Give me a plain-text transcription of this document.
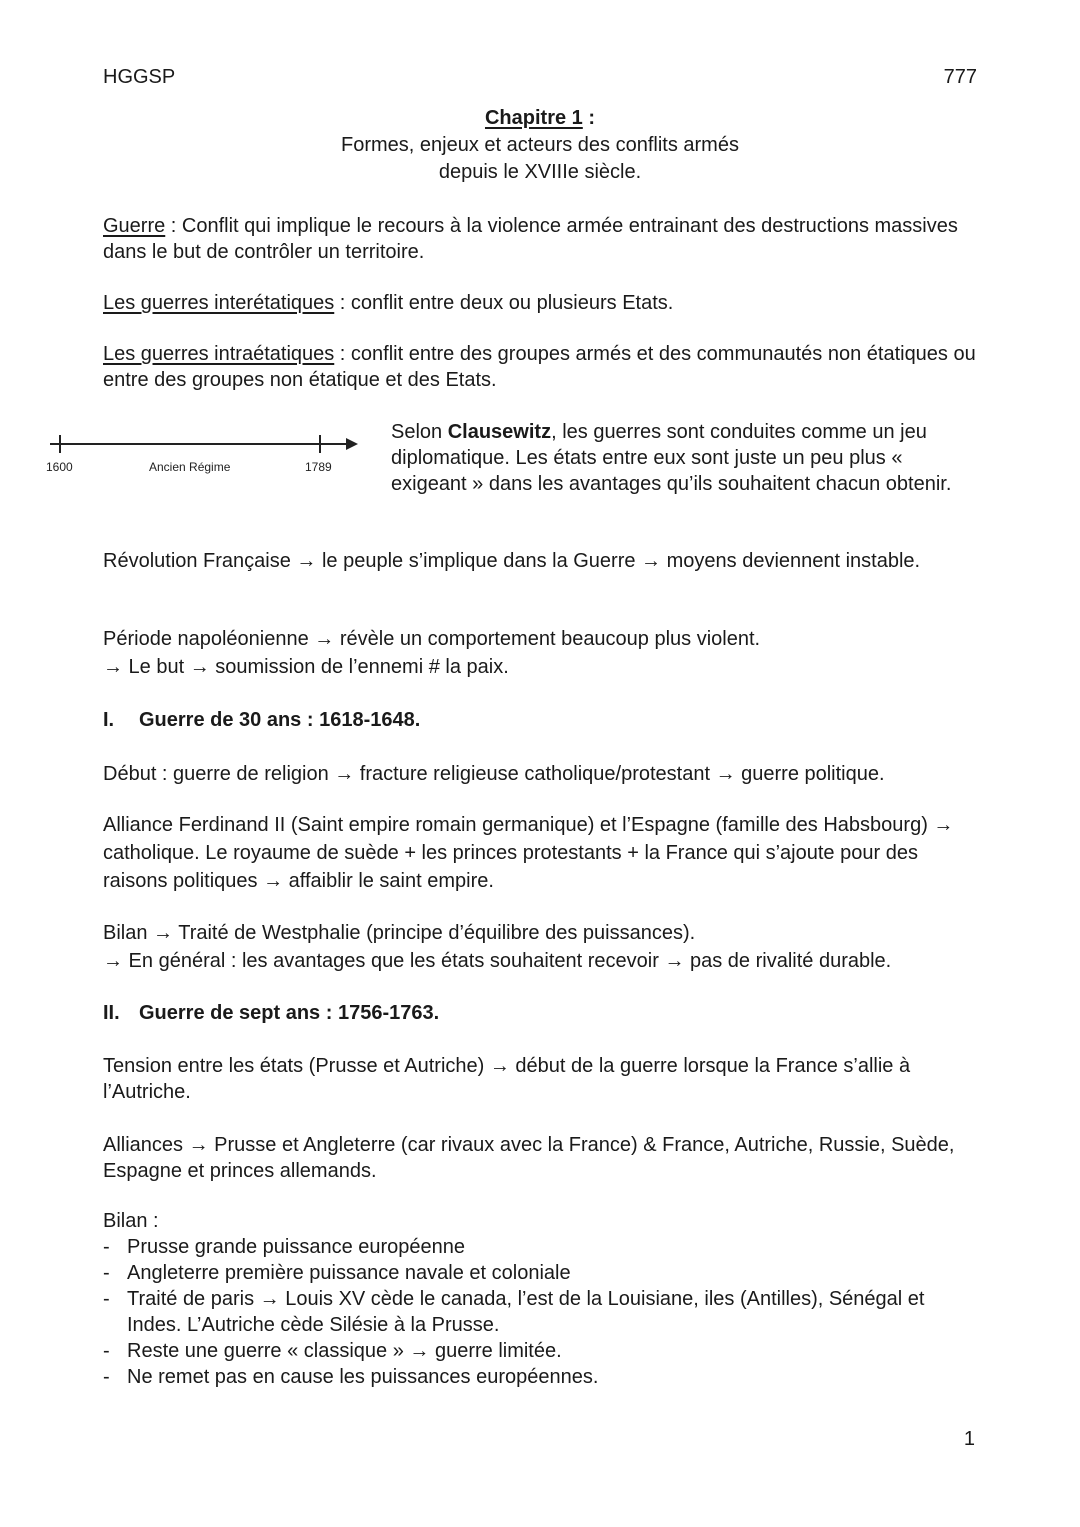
HGGSP	777
Chapitre 1 :
Formes, enjeux et acteurs des conflits armés
depuis le XVIIIe siècle.

Guerre : Conflit qui implique le recours à la violence armée entrainant des destructions massives dans le but de contrôler un territoire.

Les guerres interétatiques : conflit entre deux ou plusieurs Etats.

Les guerres intraétatiques : conflit entre des groupes armés et des communautés non étatiques ou entre des groupes non étatique et des Etats.

1600	Ancien Régime	1789

Selon Clausewitz, les guerres sont conduites comme un jeu diplomatique. Les états entre eux sont juste un peu plus « exigeant » dans les avantages qu’ils souhaitent chacun obtenir.

Révolution Française → le peuple s’implique dans la Guerre → moyens deviennent instable.

Période napoléonienne → révèle un comportement beaucoup plus violent.

→ Le but → soumission de l’ennemi # la paix.

I. Guerre de 30 ans : 1618-1648.

Début : guerre de religion → fracture religieuse catholique/protestant → guerre politique.

Alliance Ferdinand II (Saint empire romain germanique) et l’Espagne (famille des Habsbourg) → catholique. Le royaume de suède + les princes protestants + la France qui s’ajoute pour des raisons politiques → affaiblir le saint empire.

Bilan → Traité de Westphalie (principe d’équilibre des puissances).

→ En général : les avantages que les états souhaitent recevoir → pas de rivalité durable.

II. Guerre de sept ans : 1756-1763.

Tension entre les états (Prusse et Autriche) → début de la guerre lorsque la France s’allie à l’Autriche.

Alliances → Prusse et Angleterre (car rivaux avec la France) & France, Autriche, Russie, Suède, Espagne et princes allemands.

Bilan :

- Prusse grande puissance européenne
- Angleterre première puissance navale et coloniale
- Traité de paris → Louis XV cède le canada, l’est de la Louisiane, iles (Antilles), Sénégal et Indes. L’Autriche cède Silésie à la Prusse.
- Reste une guerre « classique » → guerre limitée.
- Ne remet pas en cause les puissances européennes.
1
